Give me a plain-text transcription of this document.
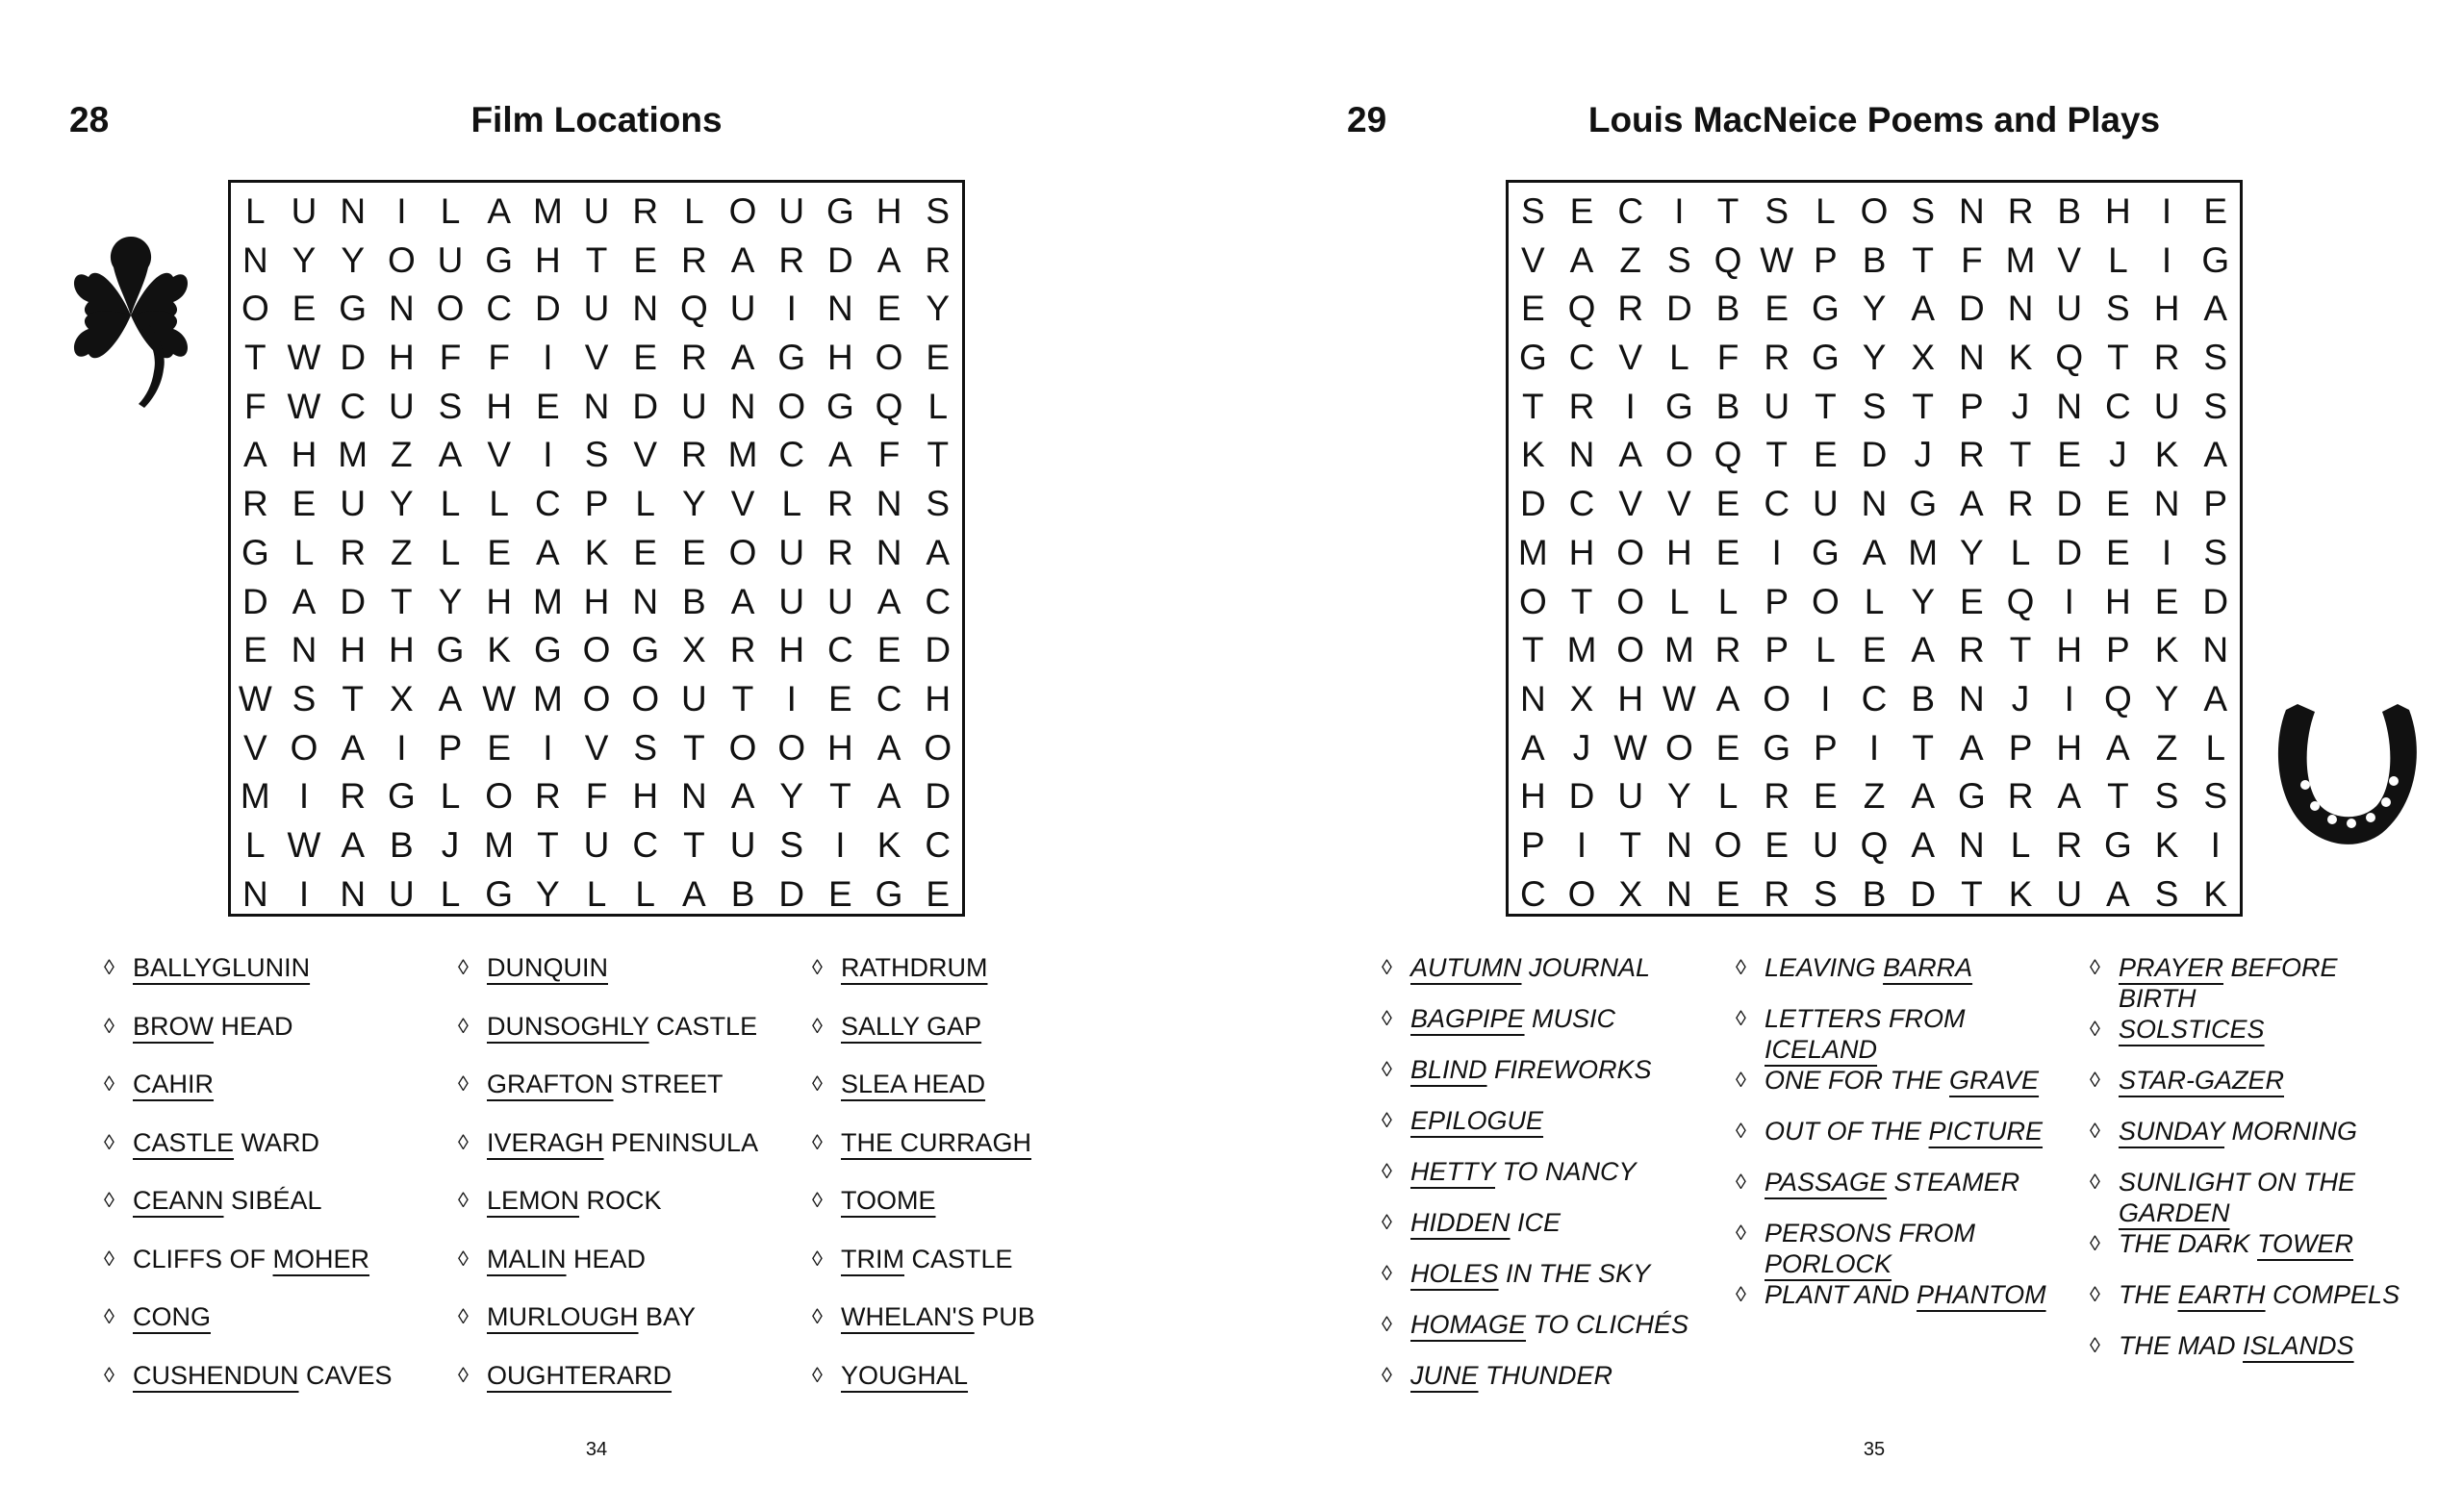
28	Film Locations
L U N I L A M U R L O U G H S
N Y Y O U G H T E R A R D A R
O E G N O C D U N Q U I N E Y
T W D H F F I V E R A G H O E
F W C U S H E N D U N O G Q L
A H M Z A V I S V R M C A F T
R E U Y L L C P L Y V L R N S
G L R Z L E A K E E O U R N A
D A D T Y H M H N B A U U A C
E N H H G K G O G X R H C E D
W S T X A W M O O U T I E C H
V O A I P E I V S T O O H A O
M I R G L O R F H N A Y T A D
L W A B J M T U C T U S I K C
N I N U L G Y L L A B D E G E
◊ BALLYGLUNIN
◊ BROW HEAD
◊ CAHIR
◊ CASTLE WARD
◊ CEANN SIBÉAL
◊ CLIFFS OF MOHER
◊ CONG
◊ CUSHENDUN CAVES
◊ DUNQUIN
◊ DUNSOGHLY CASTLE
◊ GRAFTON STREET
◊ IVERAGH PENINSULA
◊ LEMON ROCK
◊ MALIN HEAD
◊ MURLOUGH BAY
◊ OUGHTERARD
◊ RATHDRUM
◊ SALLY GAP
◊ SLEA HEAD
◊ THE CURRAGH
◊ TOOME
◊ TRIM CASTLE
◊ WHELAN'S PUB
◊ YOUGHAL
34
29	Louis MacNeice Poems and Plays
S E C I T S L O S N R B H I E
V A Z S Q W P B T F M V L I G
E Q R D B E G Y A D N U S H A
G C V L F R G Y X N K Q T R S
T R I G B U T S T P J N C U S
K N A O Q T E D J R T E J K A
D C V V E C U N G A R D E N P
M H O H E I G A M Y L D E I S
O T O L L P O L Y E Q I H E D
T M O M R P L E A R T H P K N
N X H W A O I C B N J I Q Y A
A J W O E G P I T A P H A Z L
H D U Y L R E Z A G R A T S S
P I T N O E U Q A N L R G K I
C O X N E R S B D T K U A S K
◊ AUTUMN JOURNAL
◊ BAGPIPE MUSIC
◊ BLIND FIREWORKS
◊ EPILOGUE
◊ HETTY TO NANCY
◊ HIDDEN ICE
◊ HOLES IN THE SKY
◊ HOMAGE TO CLICHÉS
◊ JUNE THUNDER
◊ LEAVING BARRA
◊ LETTERS FROM ICELAND
◊ ONE FOR THE GRAVE
◊ OUT OF THE PICTURE
◊ PASSAGE STEAMER
◊ PERSONS FROM PORLOCK
◊ PLANT AND PHANTOM
◊ PRAYER BEFORE BIRTH
◊ SOLSTICES
◊ STAR-GAZER
◊ SUNDAY MORNING
◊ SUNLIGHT ON THE GARDEN
◊ THE DARK TOWER
◊ THE EARTH COMPELS
◊ THE MAD ISLANDS
35
